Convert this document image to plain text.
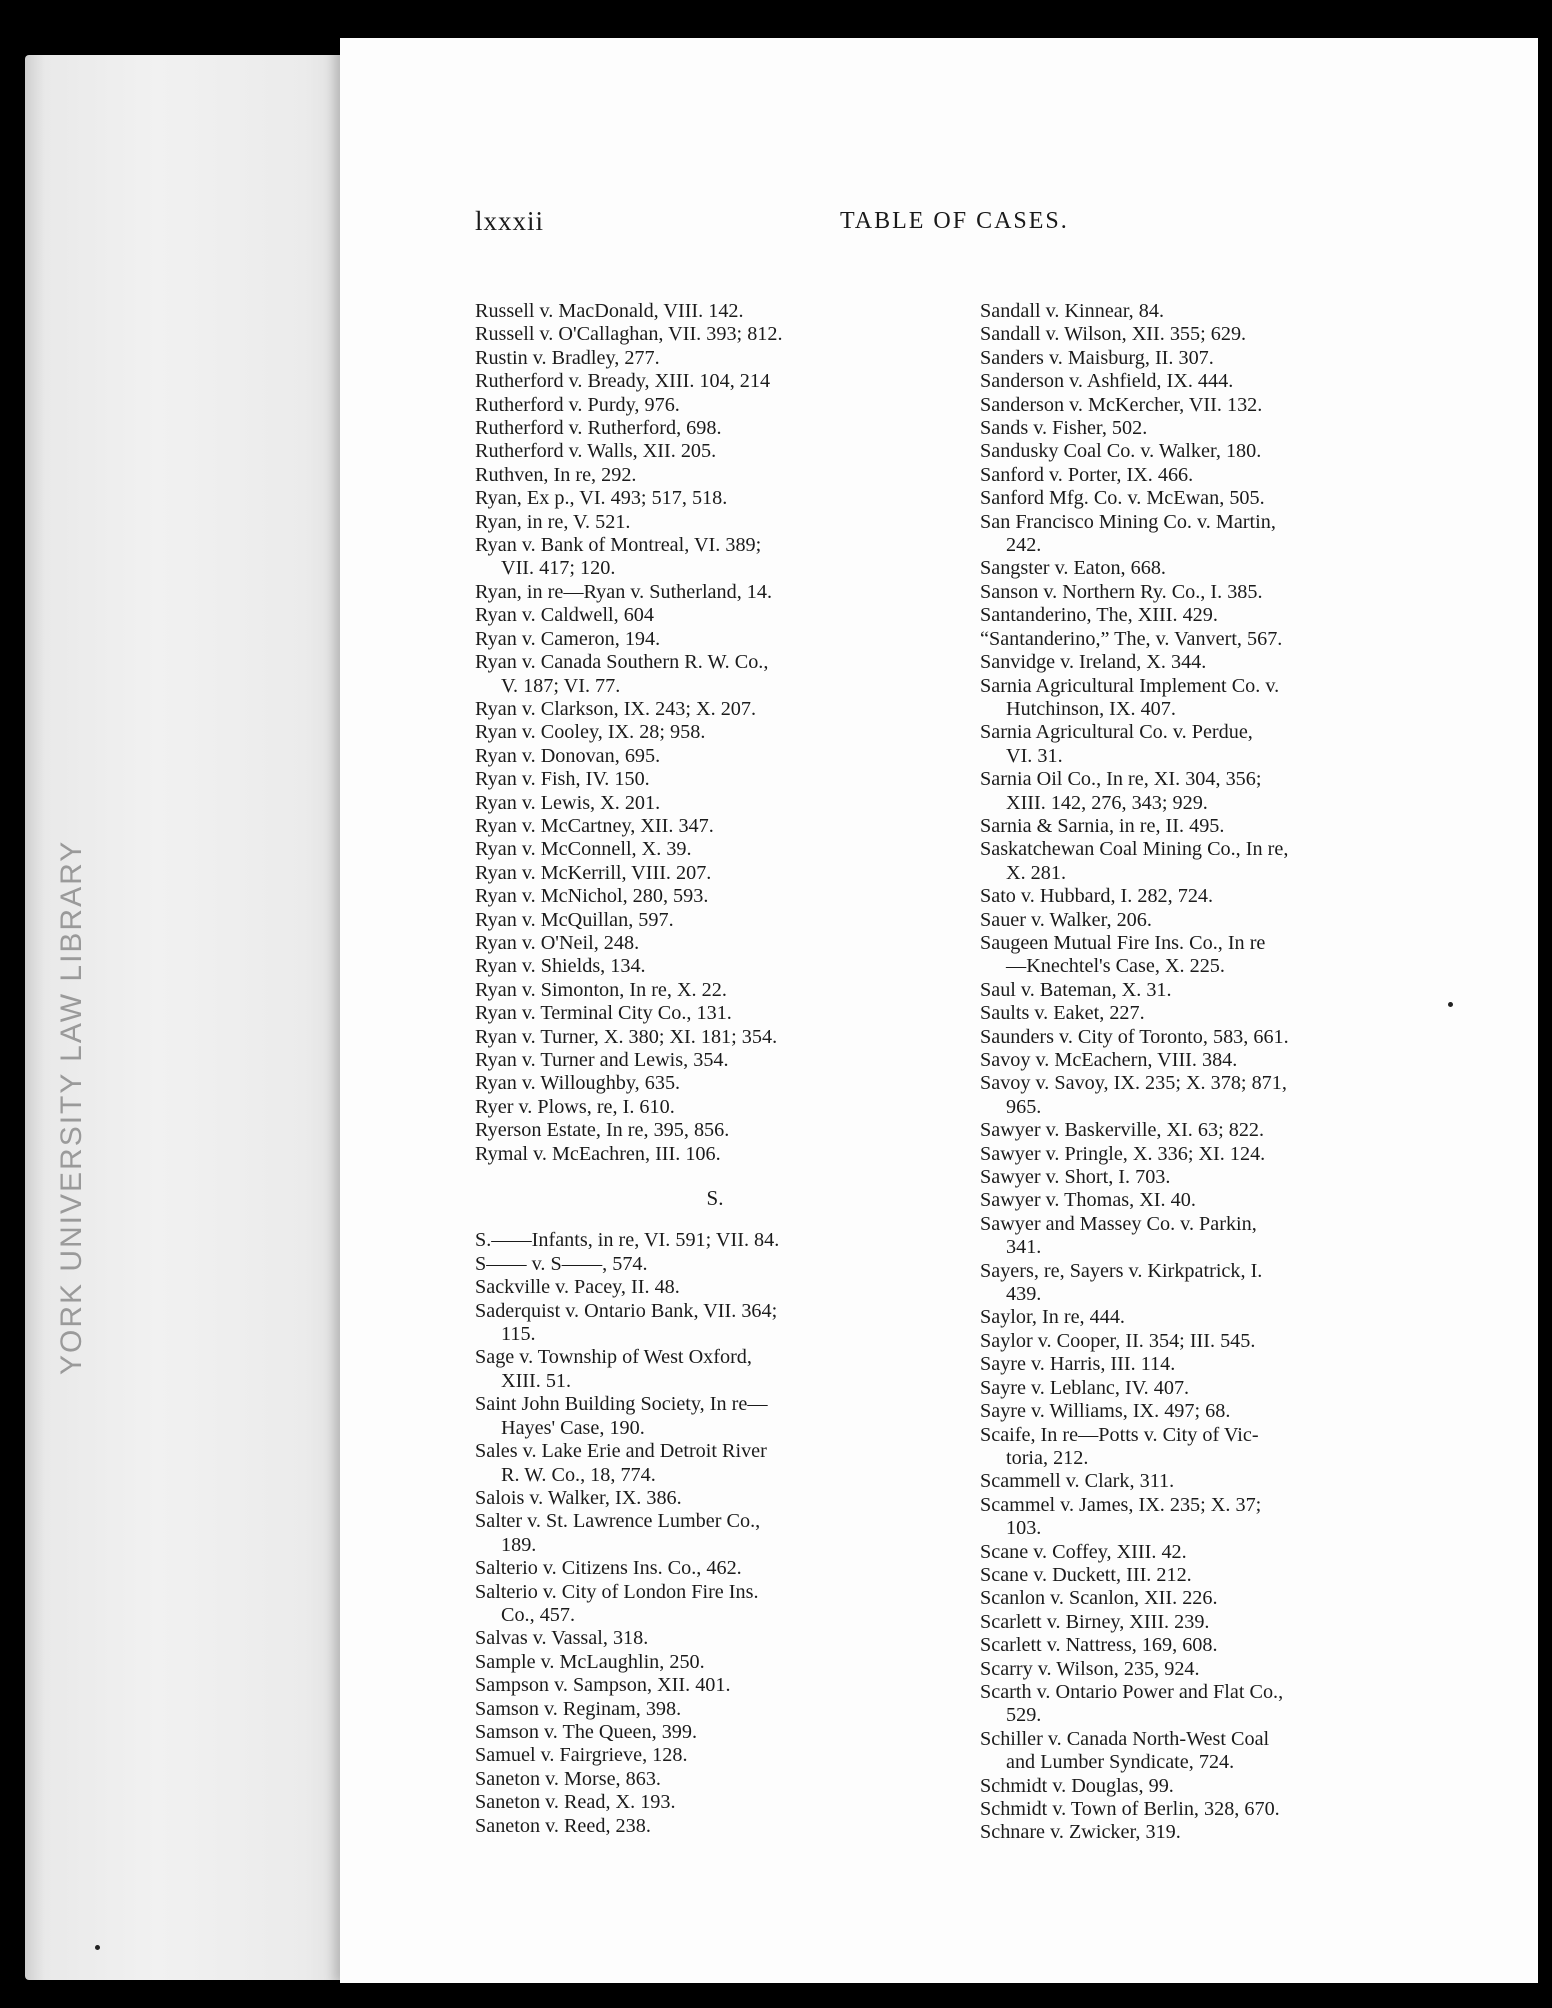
YORK UNIVERSITY LAW LIBRARY
lxxxii	TABLE OF CASES.
Russell v. MacDonald, VIII. 142.
Russell v. O'Callaghan, VII. 393; 812.
Rustin v. Bradley, 277.
Rutherford v. Bready, XIII. 104, 214
Rutherford v. Purdy, 976.
Rutherford v. Rutherford, 698.
Rutherford v. Walls, XII. 205.
Ruthven, In re, 292.
Ryan, Ex p., VI. 493; 517, 518.
Ryan, in re, V. 521.
Ryan v. Bank of Montreal, VI. 389;
VII. 417; 120.
Ryan, in re—Ryan v. Sutherland, 14.
Ryan v. Caldwell, 604
Ryan v. Cameron, 194.
Ryan v. Canada Southern R. W. Co.,
V. 187; VI. 77.
Ryan v. Clarkson, IX. 243; X. 207.
Ryan v. Cooley, IX. 28; 958.
Ryan v. Donovan, 695.
Ryan v. Fish, IV. 150.
Ryan v. Lewis, X. 201.
Ryan v. McCartney, XII. 347.
Ryan v. McConnell, X. 39.
Ryan v. McKerrill, VIII. 207.
Ryan v. McNichol, 280, 593.
Ryan v. McQuillan, 597.
Ryan v. O'Neil, 248.
Ryan v. Shields, 134.
Ryan v. Simonton, In re, X. 22.
Ryan v. Terminal City Co., 131.
Ryan v. Turner, X. 380; XI. 181; 354.
Ryan v. Turner and Lewis, 354.
Ryan v. Willoughby, 635.
Ryer v. Plows, re, I. 610.
Ryerson Estate, In re, 395, 856.
Rymal v. McEachren, III. 106.
S.
S.——Infants, in re, VI. 591; VII. 84.
S—— v. S——, 574.
Sackville v. Pacey, II. 48.
Saderquist v. Ontario Bank, VII. 364;
115.
Sage v. Township of West Oxford,
XIII. 51.
Saint John Building Society, In re—
Hayes' Case, 190.
Sales v. Lake Erie and Detroit River
R. W. Co., 18, 774.
Salois v. Walker, IX. 386.
Salter v. St. Lawrence Lumber Co.,
189.
Salterio v. Citizens Ins. Co., 462.
Salterio v. City of London Fire Ins.
Co., 457.
Salvas v. Vassal, 318.
Sample v. McLaughlin, 250.
Sampson v. Sampson, XII. 401.
Samson v. Reginam, 398.
Samson v. The Queen, 399.
Samuel v. Fairgrieve, 128.
Saneton v. Morse, 863.
Saneton v. Read, X. 193.
Saneton v. Reed, 238.
Sandall v. Kinnear, 84.
Sandall v. Wilson, XII. 355; 629.
Sanders v. Maisburg, II. 307.
Sanderson v. Ashfield, IX. 444.
Sanderson v. McKercher, VII. 132.
Sands v. Fisher, 502.
Sandusky Coal Co. v. Walker, 180.
Sanford v. Porter, IX. 466.
Sanford Mfg. Co. v. McEwan, 505.
San Francisco Mining Co. v. Martin,
242.
Sangster v. Eaton, 668.
Sanson v. Northern Ry. Co., I. 385.
Santanderino, The, XIII. 429.
“Santanderino,” The, v. Vanvert, 567.
Sanvidge v. Ireland, X. 344.
Sarnia Agricultural Implement Co. v.
Hutchinson, IX. 407.
Sarnia Agricultural Co. v. Perdue,
VI. 31.
Sarnia Oil Co., In re, XI. 304, 356;
XIII. 142, 276, 343; 929.
Sarnia & Sarnia, in re, II. 495.
Saskatchewan Coal Mining Co., In re,
X. 281.
Sato v. Hubbard, I. 282, 724.
Sauer v. Walker, 206.
Saugeen Mutual Fire Ins. Co., In re
—Knechtel's Case, X. 225.
Saul v. Bateman, X. 31.
Saults v. Eaket, 227.
Saunders v. City of Toronto, 583, 661.
Savoy v. McEachern, VIII. 384.
Savoy v. Savoy, IX. 235; X. 378; 871,
965.
Sawyer v. Baskerville, XI. 63; 822.
Sawyer v. Pringle, X. 336; XI. 124.
Sawyer v. Short, I. 703.
Sawyer v. Thomas, XI. 40.
Sawyer and Massey Co. v. Parkin,
341.
Sayers, re, Sayers v. Kirkpatrick, I.
439.
Saylor, In re, 444.
Saylor v. Cooper, II. 354; III. 545.
Sayre v. Harris, III. 114.
Sayre v. Leblanc, IV. 407.
Sayre v. Williams, IX. 497; 68.
Scaife, In re—Potts v. City of Vic-
toria, 212.
Scammell v. Clark, 311.
Scammel v. James, IX. 235; X. 37;
103.
Scane v. Coffey, XIII. 42.
Scane v. Duckett, III. 212.
Scanlon v. Scanlon, XII. 226.
Scarlett v. Birney, XIII. 239.
Scarlett v. Nattress, 169, 608.
Scarry v. Wilson, 235, 924.
Scarth v. Ontario Power and Flat Co.,
529.
Schiller v. Canada North-West Coal
and Lumber Syndicate, 724.
Schmidt v. Douglas, 99.
Schmidt v. Town of Berlin, 328, 670.
Schnare v. Zwicker, 319.
